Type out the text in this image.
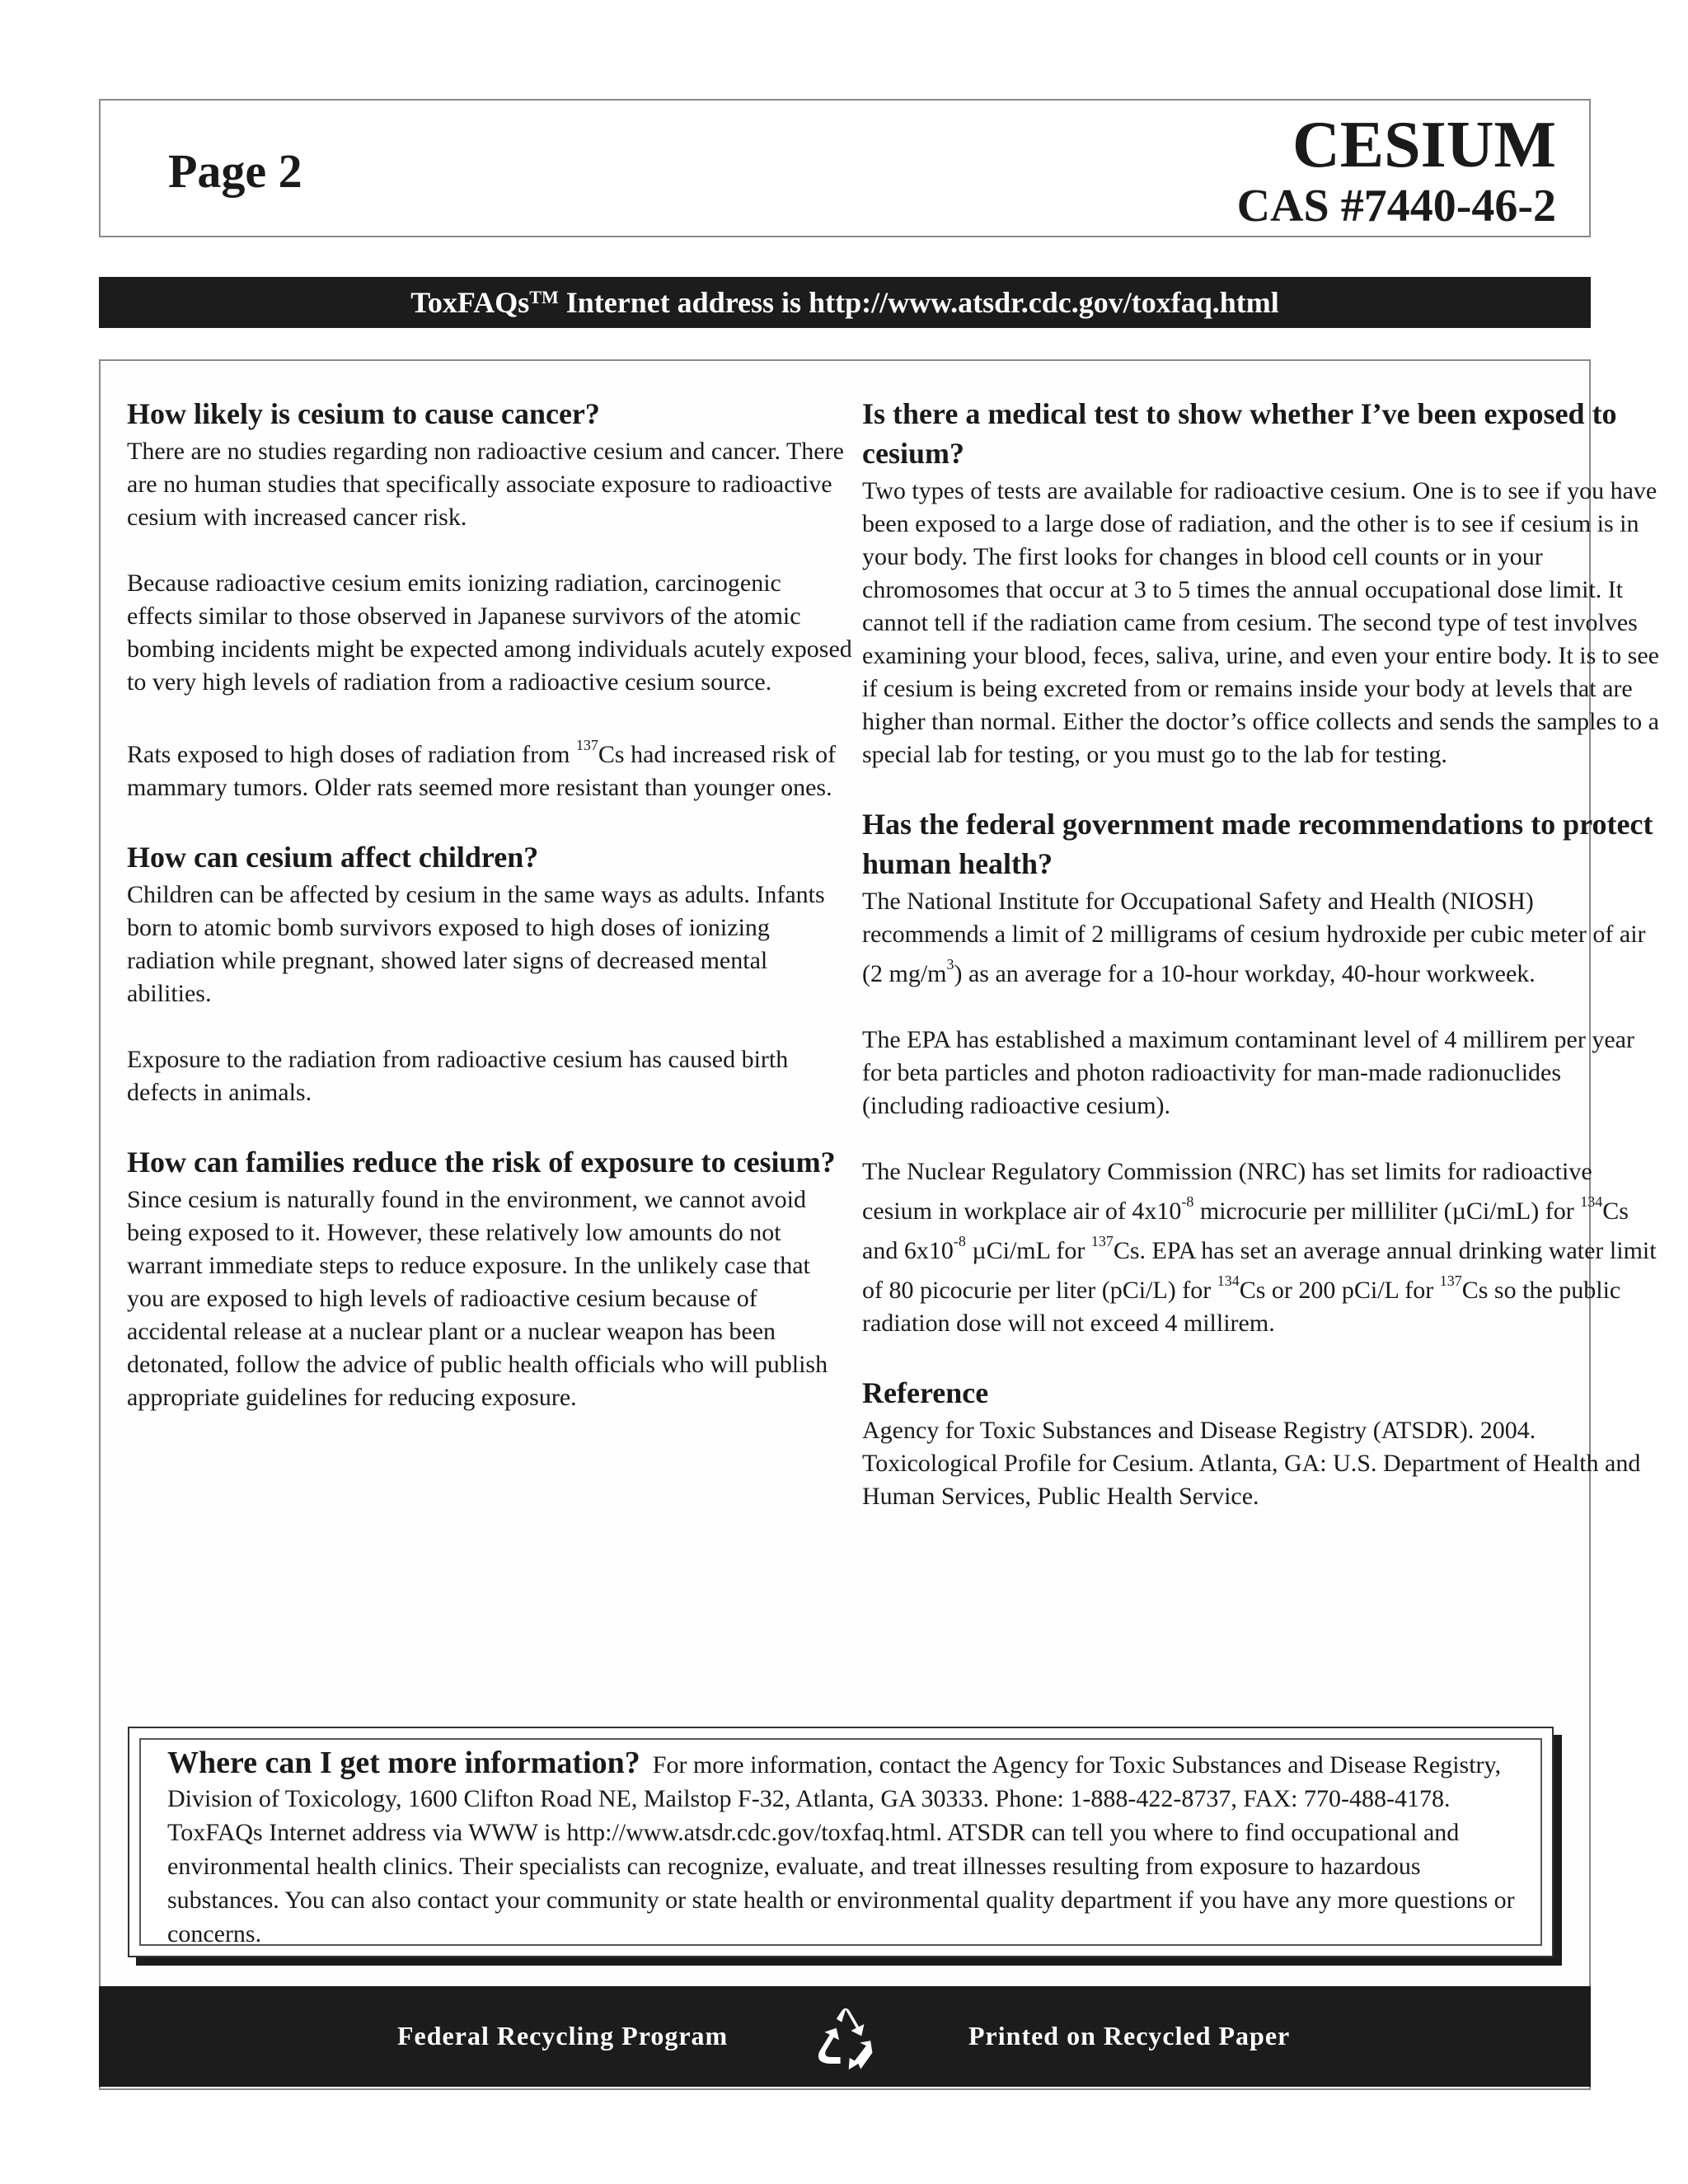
Page 2	CESIUM
CAS #7440-46-2
ToxFAQs™ Internet address is http://www.atsdr.cdc.gov/toxfaq.html
How likely is cesium to cause cancer?

There are no studies regarding non radioactive cesium and cancer. There are no human studies that specifically associate exposure to radioactive cesium with increased cancer risk.

Because radioactive cesium emits ionizing radiation, carcinogenic effects similar to those observed in Japanese survivors of the atomic bombing incidents might be expected among individuals acutely exposed to very high levels of radiation from a radioactive cesium source.

Rats exposed to high doses of radiation from $^{137}$Cs had increased risk of mammary tumors. Older rats seemed more resistant than younger ones.

How can cesium affect children?

Children can be affected by cesium in the same ways as adults. Infants born to atomic bomb survivors exposed to high doses of ionizing radiation while pregnant, showed later signs of decreased mental abilities.

Exposure to the radiation from radioactive cesium has caused birth defects in animals.

How can families reduce the risk of exposure to cesium?

Since cesium is naturally found in the environment, we cannot avoid being exposed to it. However, these relatively low amounts do not warrant immediate steps to reduce exposure. In the unlikely case that you are exposed to high levels of radioactive cesium because of accidental release at a nuclear plant or a nuclear weapon has been detonated, follow the advice of public health officials who will publish appropriate guidelines for reducing exposure.

Is there a medical test to show whether I’ve been exposed to cesium?

Two types of tests are available for radioactive cesium. One is to see if you have been exposed to a large dose of radiation, and the other is to see if cesium is in your body. The first looks for changes in blood cell counts or in your chromosomes that occur at 3 to 5 times the annual occupational dose limit. It cannot tell if the radiation came from cesium. The second type of test involves examining your blood, feces, saliva, urine, and even your entire body. It is to see if cesium is being excreted from or remains inside your body at levels that are higher than normal. Either the doctor’s office collects and sends the samples to a special lab for testing, or you must go to the lab for testing.

Has the federal government made recommendations to protect human health?

The National Institute for Occupational Safety and Health (NIOSH) recommends a limit of 2 milligrams of cesium hydroxide per cubic meter of air (2 $mg/m^3$) as an average for a 10-hour workday, 40-hour workweek.

The EPA has established a maximum contaminant level of 4 millirem per year for beta particles and photon radioactivity for man-made radionuclides (including radioactive cesium).

The Nuclear Regulatory Commission (NRC) has set limits for radioactive cesium in workplace air of $4x10^{-8}$ microcurie per milliliter (µCi/mL) for $^{134}$Cs and $6x10^{-8}$ µCi/mL for $^{137}$Cs. EPA has set an average annual drinking water limit of 80 picocurie per liter (pCi/L) for $^{134}$Cs or 200 pCi/L for $^{137}$Cs so the public radiation dose will not exceed 4 millirem.

Reference

Agency for Toxic Substances and Disease Registry (ATSDR). 2004. Toxicological Profile for Cesium. Atlanta, GA: U.S. Department of Health and Human Services, Public Health Service.

Where can I get more information? For more information, contact the Agency for Toxic Substances and Disease Registry, Division of Toxicology, 1600 Clifton Road NE, Mailstop F-32, Atlanta, GA 30333. Phone: 1-888-422-8737, FAX: 770-488-4178. ToxFAQs Internet address via WWW is http://www.atsdr.cdc.gov/toxfaq.html. ATSDR can tell you where to find occupational and environmental health clinics. Their specialists can recognize, evaluate, and treat illnesses resulting from exposure to hazardous substances. You can also contact your community or state health or environmental quality department if you have any more questions or concerns.
Federal Recycling Program	Printed on Recycled Paper
